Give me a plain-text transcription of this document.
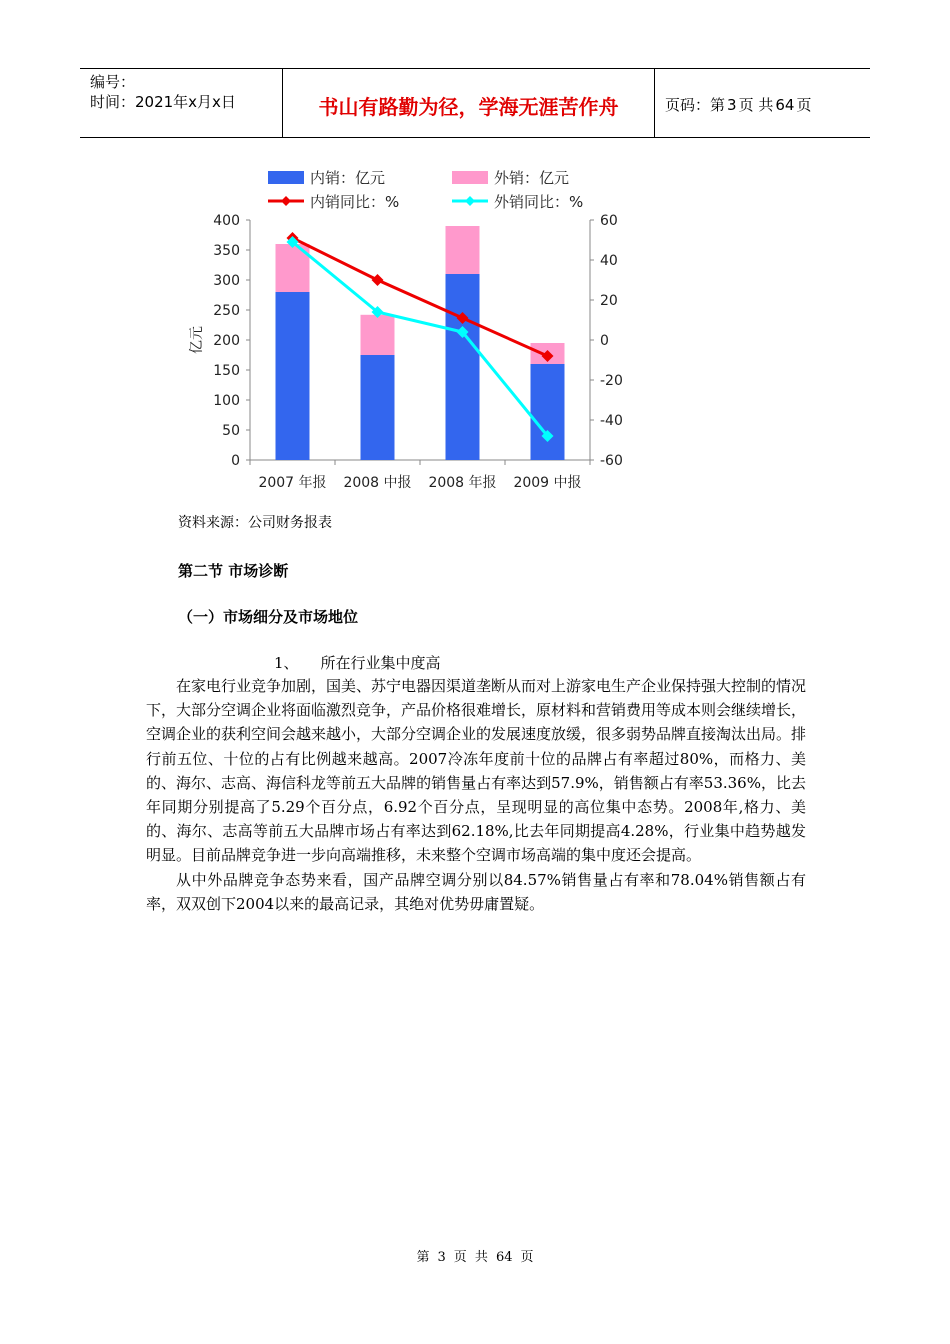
编号：
时间：2021年x月x日	书山有路勤为径，学海无涯苦作舟	页码：第 3 页 共 64 页
内销：亿元	外销：亿元
内销同比：%	外销同比：%
400
350
300
250
200
150
100
50
0
60
40
20
0
-20
-40
-60
2007 年报 2008 中报 2008 年报 2009 中报
亿元
资料来源：公司财务报表
第二节 市场诊断
（一）市场细分及市场地位
1、 所在行业集中度高

在家电行业竞争加剧，国美、苏宁电器因渠道垄断从而对上游家电生产企业保持强大控制的情况下，大部分空调企业将面临激烈竞争，产品价格很难增长，原材料和营销费用等成本则会继续增长，空调企业的获利空间会越来越小，大部分空调企业的发展速度放缓，很多弱势品牌直接淘汰出局。排行前五位、十位的占有比例越来越高。2007冷冻年度前十位的品牌占有率超过80%，而格力、美的、海尔、志高、海信科龙等前五大品牌的销售量占有率达到57.9%，销售额占有率53.36%，比去年同期分别提高了5.29个百分点，6.92个百分点，呈现明显的高位集中态势。2008年,格力、美的、海尔、志高等前五大品牌市场占有率达到62.18%,比去年同期提高4.28%，行业集中趋势越发明显。目前品牌竞争进一步向高端推移，未来整个空调市场高端的集中度还会提高。

从中外品牌竞争态势来看，国产品牌空调分别以84.57%销售量占有率和78.04%销售额占有率，双双创下2004以来的最高记录，其绝对优势毋庸置疑。

第 3 页 共 64 页
